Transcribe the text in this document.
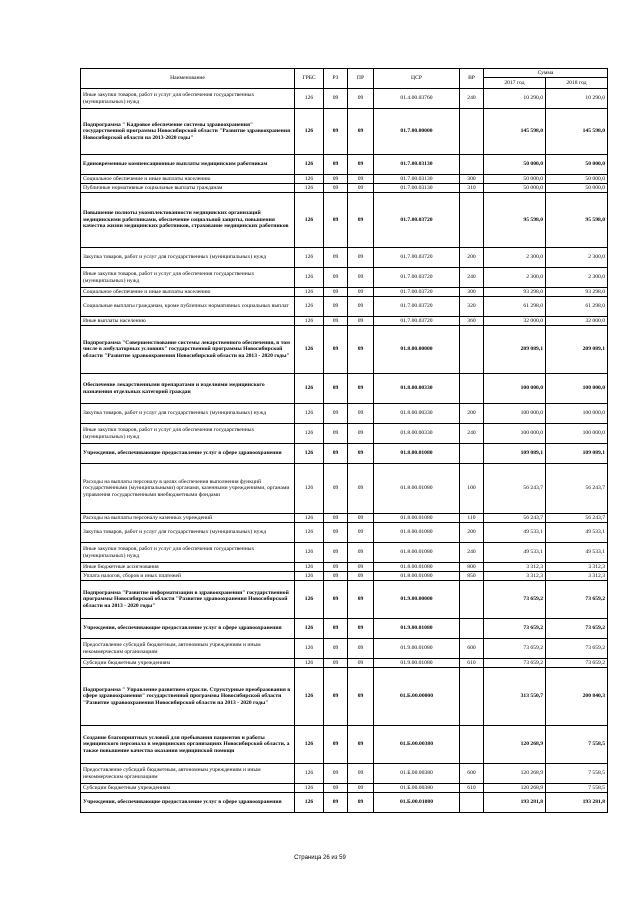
Наименование	ГРБС	РЗ	ПР	ЦСР	ВР	Сумма	
						2017 год	2018 год
Иные закупки товаров, работ и услуг для обеспечения государственных (муниципальных) нужд	126	09	09	01.4.00.03760	240	10 290,0	10 290,0
Подпрограмма " Кадровое обеспечение системы здравоохранения" государственной программы Новосибирской области "Развитие здравоохранения Новосибирской области на 2013-2020 годы"	126	09	09	01.7.00.00000		145 598,0	145 598,0
Единовременные компенсационные выплаты медицинским работникам	126	09	09	01.7.00.03130		50 000,0	50 000,0
Социальное обеспечение и иные выплаты населению	126	09	09	01.7.00.03130	300	50 000,0	50 000,0
Публичные нормативные социальные выплаты гражданам	126	09	09	01.7.00.03130	310	50 000,0	50 000,0
Повышение полноты укомплектованности медицинских организаций медицинскими работниками, обеспечение социальной защиты, повышения качества жизни медицинских работников, страхование медицинских работников	126	09	09	01.7.00.03720		95 598,0	95 598,0
Закупка товаров, работ и услуг для государственных (муниципальных) нужд	126	09	09	01.7.00.03720	200	2 300,0	2 300,0
Иные закупки товаров, работ и услуг для обеспечения государственных (муниципальных) нужд	126	09	09	01.7.00.03720	240	2 300,0	2 300,0
Социальное обеспечение и иные выплаты населению	126	09	09	01.7.00.03720	300	93 298,0	93 298,0
Социальные выплаты гражданам, кроме публичных нормативных социальных выплат	126	09	09	01.7.00.03720	320	61 298,0	61 298,0
Иные выплаты населению	126	09	09	01.7.00.03720	360	32 000,0	32 000,0
Подпрограмма "Совершенствование системы лекарственного обеспечения, в том числе в амбулаторных условиях" государственной программы Новосибирской области "Развитие здравоохранения Новосибирской области на 2013 - 2020 годы"	126	09	09	01.8.00.00000		209 089,1	209 089,1
Обеспечение лекарственными препаратами и изделиями медицинского назначения отдельных категорий граждан	126	09	09	01.8.00.00330		100 000,0	100 000,0
Закупка товаров, работ и услуг для государственных (муниципальных) нужд	126	09	09	01.8.00.00330	200	100 000,0	100 000,0
Иные закупки товаров, работ и услуг для обеспечения государственных (муниципальных) нужд	126	09	09	01.8.00.00330	240	100 000,0	100 000,0
Учреждения, обеспечивающие предоставление услуг в сфере здравоохранения	126	09	09	01.8.00.01080		109 089,1	109 089,1
Расходы на выплаты персоналу в целях обеспечения выполнения функций государственными (муниципальными) органами, казенными учреждениями, органами управления государственными внебюджетными фондами	126	09	09	01.8.00.01080	100	56 243,7	56 243,7
Расходы на выплаты персоналу казенных учреждений	126	09	09	01.8.00.01080	110	56 243,7	56 243,7
Закупка товаров, работ и услуг для государственных (муниципальных) нужд	126	09	09	01.8.00.01080	200	49 533,1	49 533,1
Иные закупки товаров, работ и услуг для обеспечения государственных (муниципальных) нужд	126	09	09	01.8.00.01080	240	49 533,1	49 533,1
Иные бюджетные ассигнования	126	09	09	01.8.00.01080	800	3 312,3	3 312,3
Уплата налогов, сборов и иных платежей	126	09	09	01.8.00.01080	850	3 312,3	3 312,3
Подпрограмма "Развитие информатизации в здравоохранении" государственной программы Новосибирской области "Развитие здравоохранения Новосибирской области на 2013 - 2020 годы"	126	09	09	01.9.00.00000		73 659,2	73 659,2
Учреждения, обеспечивающие предоставление услуг в сфере здравоохранения	126	09	09	01.9.00.01080		73 659,2	73 659,2
Предоставление субсидий бюджетным, автономным учреждениям и иным некоммерческим организациям	126	09	09	01.9.00.01080	600	73 659,2	73 659,2
Субсидии бюджетным учреждениям	126	09	09	01.9.00.01080	610	73 659,2	73 659,2
Подпрограмма " Управление развитием отрасли. Структурные преобразования в сфере здравоохранения" государственной программы Новосибирской области "Развитие здравоохранения Новосибирской области на 2013 - 2020 годы"	126	09	09	01.Б.00.00000		313 550,7	200 840,3
Создание благоприятных условий для пребывания пациентов и работы медицинского персонала в медицинских организациях Новосибирской области, а также повышение качества оказания медицинской помощи	126	09	09	01.Б.00.00380		120 268,9	7 558,5
Предоставление субсидий бюджетным, автономным учреждениям и иным некоммерческим организациям	126	09	09	01.Б.00.00380	600	120 268,9	7 558,5
Субсидии бюджетным учреждениям	126	09	09	01.Б.00.00380	610	120 268,9	7 558,5
Учреждения, обеспечивающие предоставление услуг в сфере здравоохранения	126	09	09	01.Б.00.01080		193 281,8	193 281,8
Страница 26 из 59
